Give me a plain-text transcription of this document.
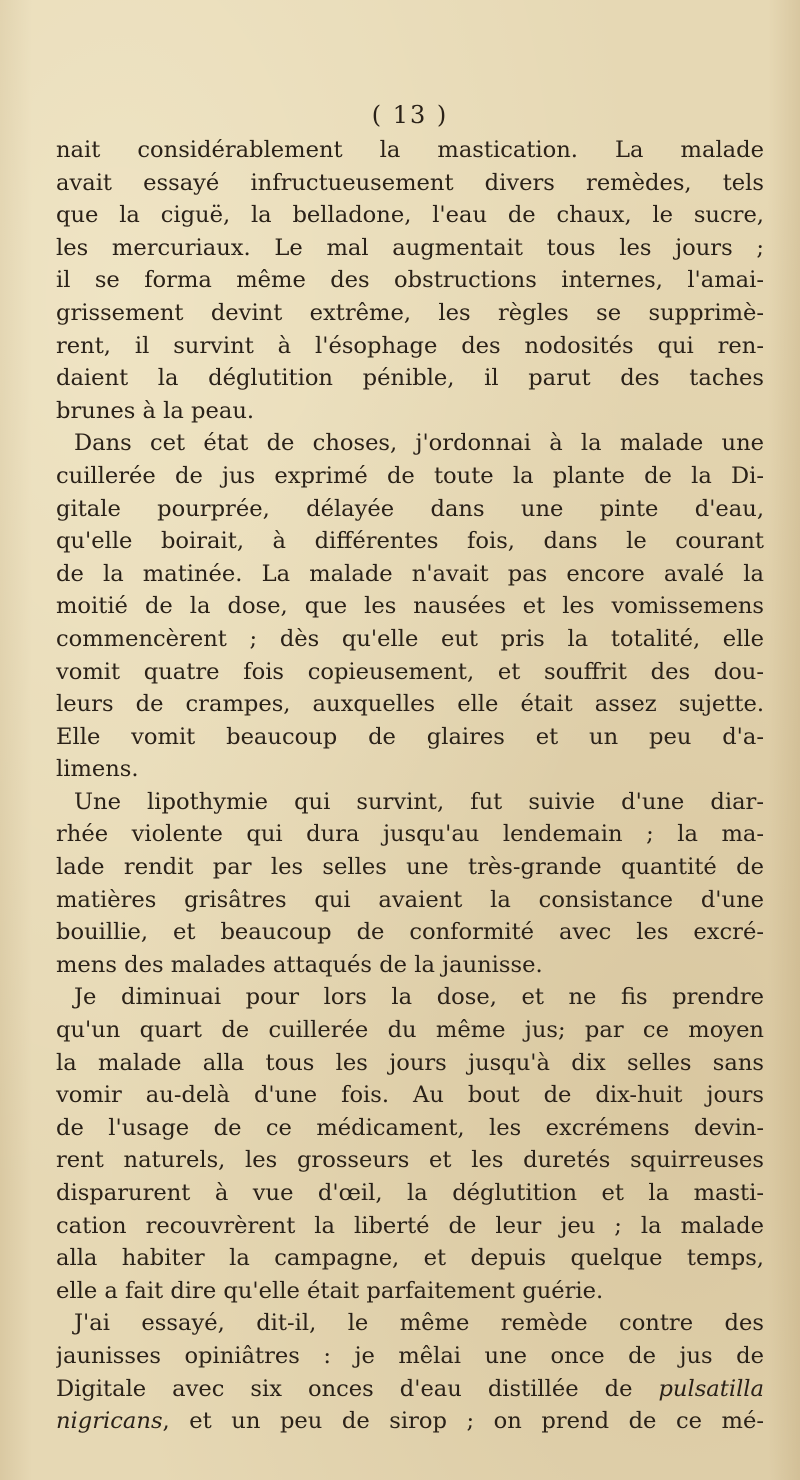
( 13 )

nait considérablement la mastication. La malade
avait essayé infructueusement divers remèdes, tels
que la ciguë, la belladone, l'eau de chaux, le sucre,
les mercuriaux. Le mal augmentait tous les jours ;
il se forma même des obstructions internes, l'amai-
grissement devint extrême, les règles se supprimè-
rent, il survint à l'ésophage des nodosités qui ren-
daient la déglutition pénible, il parut des taches
brunes à la peau.

Dans cet état de choses, j'ordonnai à la malade une
cuillerée de jus exprimé de toute la plante de la Di-
gitale pourprée, délayée dans une pinte d'eau,
qu'elle boirait, à différentes fois, dans le courant
de la matinée. La malade n'avait pas encore avalé la
moitié de la dose, que les nausées et les vomissemens
commencèrent ; dès qu'elle eut pris la totalité, elle
vomit quatre fois copieusement, et souffrit des dou-
leurs de crampes, auxquelles elle était assez sujette.
Elle vomit beaucoup de glaires et un peu d'a-
limens.

Une lipothymie qui survint, fut suivie d'une diar-
rhée violente qui dura jusqu'au lendemain ; la ma-
lade rendit par les selles une très-grande quantité de
matières grisâtres qui avaient la consistance d'une
bouillie, et beaucoup de conformité avec les excré-
mens des malades attaqués de la jaunisse.

Je diminuai pour lors la dose, et ne fis prendre
qu'un quart de cuillerée du même jus; par ce moyen
la malade alla tous les jours jusqu'à dix selles sans
vomir au-delà d'une fois. Au bout de dix-huit jours
de l'usage de ce médicament, les excrémens devin-
rent naturels, les grosseurs et les duretés squirreuses
disparurent à vue d'œil, la déglutition et la masti-
cation recouvrèrent la liberté de leur jeu ; la malade
alla habiter la campagne, et depuis quelque temps,
elle a fait dire qu'elle était parfaitement guérie.

J'ai essayé, dit-il, le même remède contre des
jaunisses opiniâtres : je mêlai une once de jus de
Digitale avec six onces d'eau distillée de pulsatilla
nigricans, et un peu de sirop ; on prend de ce mé-
